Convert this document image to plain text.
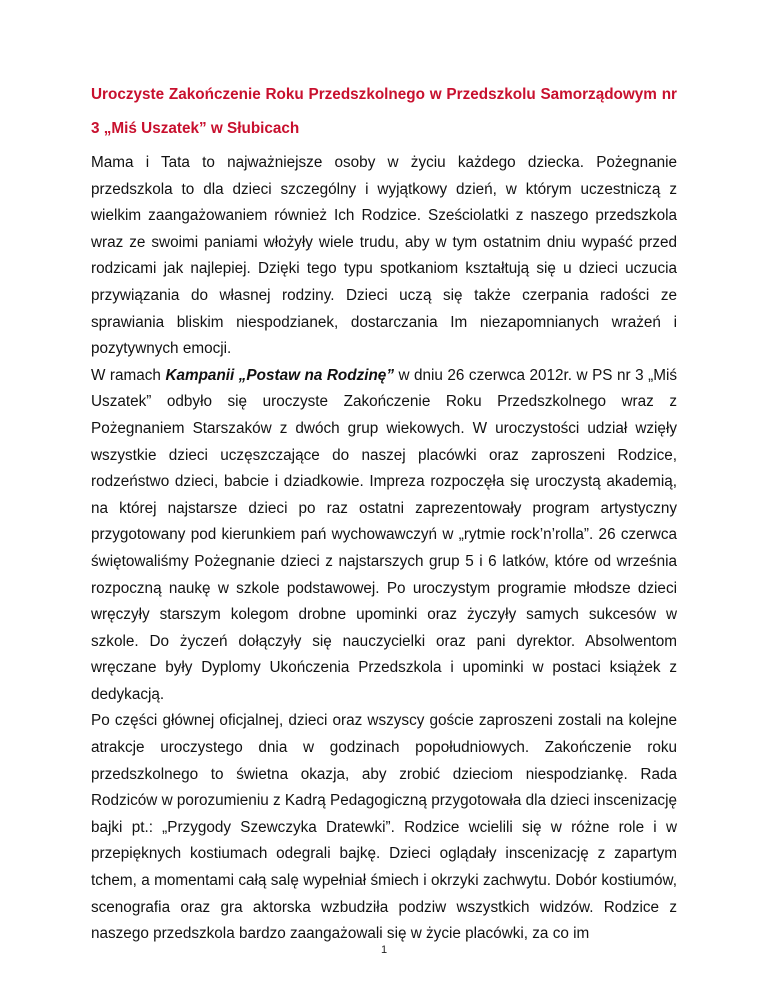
Uroczyste Zakończenie Roku Przedszkolnego w Przedszkolu Samorządowym nr 3 „Miś Uszatek” w Słubicach

Mama i Tata to najważniejsze osoby w życiu każdego dziecka. Pożegnanie przedszkola to dla dzieci szczególny i wyjątkowy dzień, w którym uczestniczą z wielkim zaangażowaniem również Ich Rodzice. Sześciolatki z naszego przedszkola wraz ze swoimi paniami włożyły wiele trudu, aby w tym ostatnim dniu wypaść przed rodzicami jak najlepiej. Dzięki tego typu spotkaniom kształtują się u dzieci uczucia przywiązania do własnej rodziny. Dzieci uczą się także czerpania radości ze sprawiania bliskim niespodzianek, dostarczania Im niezapomnianych wrażeń i pozytywnych emocji.

W ramach Kampanii „Postaw na Rodzinę” w dniu 26 czerwca 2012r. w PS nr 3 „Miś Uszatek” odbyło się uroczyste Zakończenie Roku Przedszkolnego wraz z Pożegnaniem Starszaków z dwóch grup wiekowych. W uroczystości udział wzięły wszystkie dzieci uczęszczające do naszej placówki oraz zaproszeni Rodzice, rodzeństwo dzieci, babcie i dziadkowie. Impreza rozpoczęła się uroczystą akademią, na której najstarsze dzieci po raz ostatni zaprezentowały program artystyczny przygotowany pod kierunkiem pań wychowawczyń w „rytmie rock’n’rolla”. 26 czerwca świętowaliśmy Pożegnanie dzieci z najstarszych grup 5 i 6 latków, które od września rozpoczną naukę w szkole podstawowej. Po uroczystym programie młodsze dzieci wręczyły starszym kolegom drobne upominki oraz życzyły samych sukcesów w szkole. Do życzeń dołączyły się nauczycielki oraz pani dyrektor. Absolwentom wręczane były Dyplomy Ukończenia Przedszkola i upominki w postaci książek z dedykacją.

Po części głównej oficjalnej, dzieci oraz wszyscy goście zaproszeni zostali na kolejne atrakcje uroczystego dnia w godzinach popołudniowych. Zakończenie roku przedszkolnego to świetna okazja, aby zrobić dzieciom niespodziankę. Rada Rodziców w porozumieniu z Kadrą Pedagogiczną przygotowała dla dzieci inscenizację bajki pt.: „Przygody Szewczyka Dratewki”. Rodzice wcielili się w różne role i w przepięknych kostiumach odegrali bajkę. Dzieci oglądały inscenizację z zapartym tchem, a momentami całą salę wypełniał śmiech i okrzyki zachwytu. Dobór kostiumów, scenografia oraz gra aktorska wzbudziła podziw wszystkich widzów. Rodzice z naszego przedszkola bardzo zaangażowali się w życie placówki, za co im

1
